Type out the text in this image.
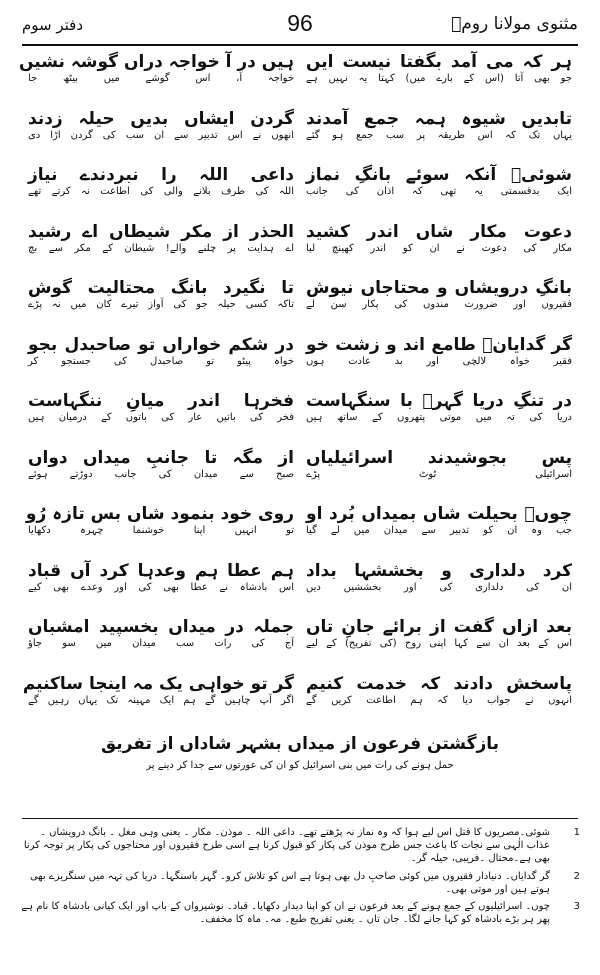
مثنوی مولانا رومؒ
96
دفتر سوم
ہر کہ می آمد بگفتا نیست ایں
جو بھی آتا (اس کے بارے میں) کہتا یہ نہیں ہے
ہیں در آ خواجہ دراں گوشہ نشیں
خواجہ آ، اس گوشے میں بیٹھ جا
تابدیں شیوہ ہمہ جمع آمدند
یہاں تک کہ اس طریقہ پر سب جمع ہو گئے
گردن ایشاں بدیں حیلہ زدند
انھوں نے اس تدبیر سے ان سب کی گردن اڑا دی
شوئیؔ آنکہ سوئے بانگِ نماز
ایک بدقسمتی یہ تھی کہ اذان کی جانب
داعی اللہ را نبردندے نیاز
اللہ کی طرف بلانے والی کی اطاعت نہ کرتے تھے
دعوت مکار شاں اندر کشید
مکار کی دعوت نے ان کو اندر کھینچ لیا
الحذر از مکر شیطاں اے رشید
اے ہدایت پر چلنے والے! شیطان کے مکر سے بچ
بانگِ درویشاں و محتاجاں نیوش
فقیروں اور ضرورت مندوں کی پکار سن لے
تا نگیرد بانگ محتالیت گوش
تاکہ کسی حیلہ جو کی آواز تیرے کان میں نہ پڑے
گر گدایانؔ طامع اند و زشت خو
فقیر خواہ لالچی اور بد عادت ہوں
در شکم خواراں تو صاحبدل بجو
خواہ پیٹو تو صاحبدل کی جستجو کر
در تنگِ دریا گہرؔ با سنگہاست
دریا کی تہ میں موتی پتھروں کے ساتھ ہیں
فخرہا اندر میانِ ننگہاست
فخر کی باتیں عار کی باتوں کے درمیان ہیں
پس بجوشیدند اسرائیلیاں
اسرائیلی ٹوٹ پڑے
از مگہ تا جانبِ میداں دواں
صبح سے میدان کی جانب دوڑتے ہوئے
چوںؔ بحیلت شاں بمیداں بُرد او
جب وہ ان کو تدبیر سے میدان میں لے گیا
روی خود بنمود شاں بس تازہ رُو
تو انہیں اپنا خوشنما چہرہ دکھایا
کرد دلداری و بخششہا بداد
ان کی دلداری کی اور بخششیں دیں
ہم عطا ہم وعدہا کرد آں قباد
اس بادشاہ نے عطا بھی کی اور وعدے بھی کیے
بعد ازاں گفت از برائے جانِ تاں
اس کے بعد ان سے کہا اپنی روح (کی تفریح) کے لیے
جملہ در میداں بخسپید امشباں
آج کی رات سب میدان میں سو جاؤ
پاسخش دادند کہ خدمت کنیم
انہوں نے جواب دیا کہ ہم اطاعت کریں گے
گر تو خواہی یک مہ اینجا ساکنیم
اگر آپ چاہیں گے ہم ایک مہینہ تک یہاں رہیں گے
بازگشتن فرعون از میداں بشہر شاداں از تفریق
حمل ہونے کی رات میں بنی اسرائیل کو ان کی عورتوں سے جدا کر دینے پر
1
شوئی۔مصریوں کا قتل اس لیے ہوا کہ وہ نماز نہ پڑھتے تھے۔ داعی اللہ ۔ موذن۔ مکار ۔ یعنی وہی مغل ۔ بانگ درویشاں ۔عذاب الٰہی سے نجات کا باعث جس طرح موذن کی پکار کو قبول کرنا ہے اسی طرح فقیروں اور محتاجوں کی پکار پر توجہ کرنا بھی ہے۔محتال ۔فریبی، حیلہ گر۔
2
گر گدایاں۔ دنیادار فقیروں میں کوئی صاحبِ دل بھی ہوتا ہے اس کو تلاش کرو۔ گہر باسنگہا۔ دریا کی تہہ میں سنگریزے بھی ہوتے ہیں اور موتی بھی۔
3
چوں۔ اسرائیلیوں کے جمع ہونے کے بعد فرعون نے ان کو اپنا دیدار دکھایا۔ قباد۔ نوشیرواں کے باپ اور ایک کیانی بادشاہ کا نام ہے پھر ہر بڑے بادشاہ کو کہا جانے لگا۔ جان تاں ۔ یعنی تفریح طبع۔ مہ۔ ماہ کا مخفف۔
